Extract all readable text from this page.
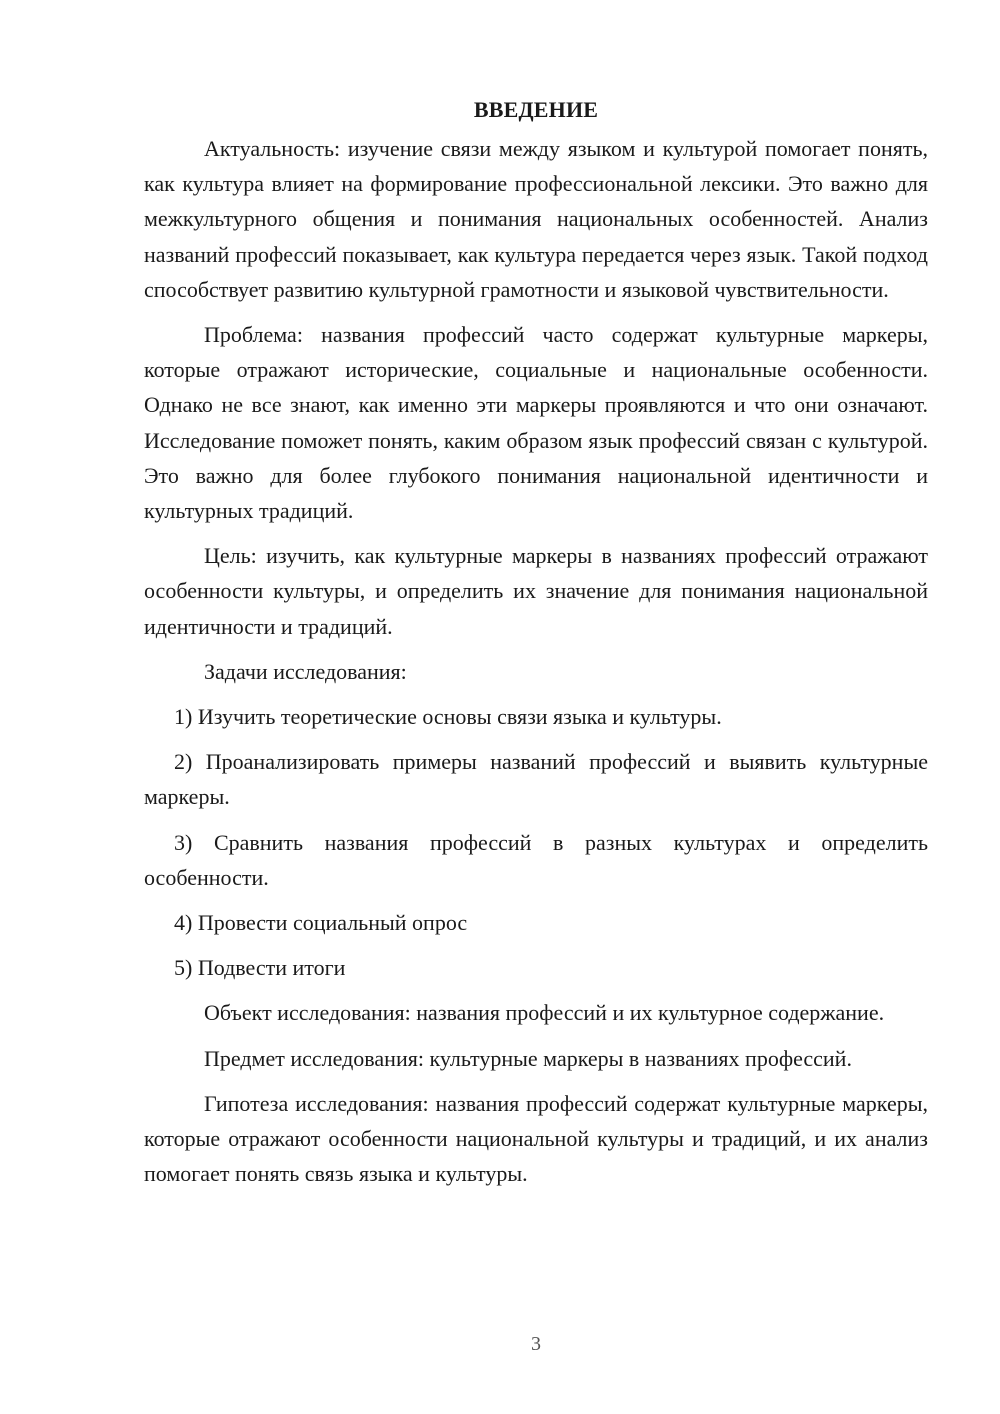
ВВЕДЕНИЕ

Актуальность: изучение связи между языком и культурой помогает понять, как культура влияет на формирование профессиональной лексики. Это важно для межкультурного общения и понимания национальных особенностей. Анализ названий профессий показывает, как культура передается через язык. Такой подход способствует развитию культурной грамотности и языковой чувствительности.

Проблема: названия профессий часто содержат культурные маркеры, которые отражают исторические, социальные и национальные особенности. Однако не все знают, как именно эти маркеры проявляются и что они означают. Исследование поможет понять, каким образом язык профессий связан с культурой. Это важно для более глубокого понимания национальной идентичности и культурных традиций.

Цель: изучить, как культурные маркеры в названиях профессий отражают особенности культуры, и определить их значение для понимания национальной идентичности и традиций.

Задачи исследования:

1) Изучить теоретические основы связи языка и культуры.

2) Проанализировать примеры названий профессий и выявить культурные маркеры.

3) Сравнить названия профессий в разных культурах и определить особенности.

4) Провести социальный опрос

5) Подвести итоги

Объект исследования: названия профессий и их культурное содержание.

Предмет исследования: культурные маркеры в названиях профессий.

Гипотеза исследования: названия профессий содержат культурные маркеры, которые отражают особенности национальной культуры и традиций, и их анализ помогает понять связь языка и культуры.

3
